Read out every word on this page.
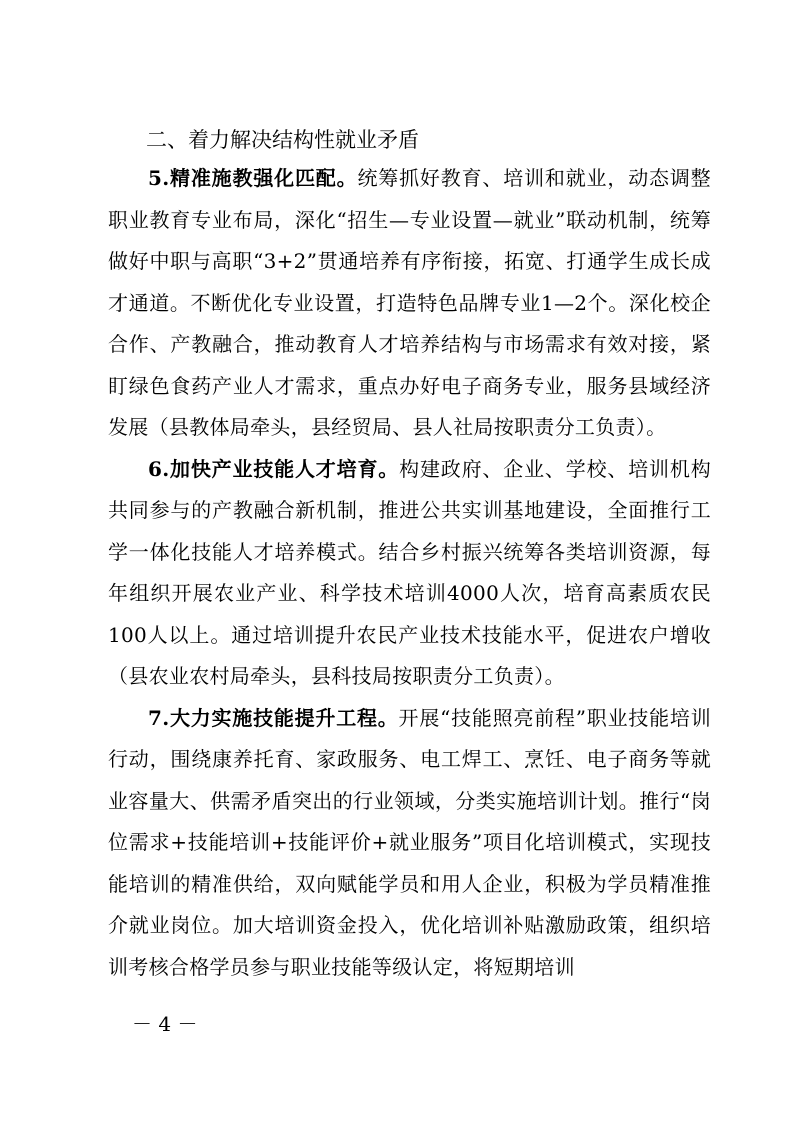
二、着力解决结构性就业矛盾

5.精准施教强化匹配。统筹抓好教育、培训和就业，动态调整职业教育专业布局，深化“招生—专业设置—就业”联动机制，统筹做好中职与高职“3+2”贯通培养有序衔接，拓宽、打通学生成长成才通道。不断优化专业设置，打造特色品牌专业1—2个。深化校企合作、产教融合，推动教育人才培养结构与市场需求有效对接，紧盯绿色食药产业人才需求，重点办好电子商务专业，服务县域经济发展（县教体局牵头，县经贸局、县人社局按职责分工负责）。

6.加快产业技能人才培育。构建政府、企业、学校、培训机构共同参与的产教融合新机制，推进公共实训基地建设，全面推行工学一体化技能人才培养模式。结合乡村振兴统筹各类培训资源，每年组织开展农业产业、科学技术培训4000人次，培育高素质农民100人以上。通过培训提升农民产业技术技能水平，促进农户增收（县农业农村局牵头，县科技局按职责分工负责）。

7.大力实施技能提升工程。开展“技能照亮前程”职业技能培训行动，围绕康养托育、家政服务、电工焊工、烹饪、电子商务等就业容量大、供需矛盾突出的行业领域，分类实施培训计划。推行“岗位需求+技能培训+技能评价+就业服务”项目化培训模式，实现技能培训的精准供给，双向赋能学员和用人企业，积极为学员精准推介就业岗位。加大培训资金投入，优化培训补贴激励政策，组织培训考核合格学员参与职业技能等级认定，将短期培训

－ 4 －
